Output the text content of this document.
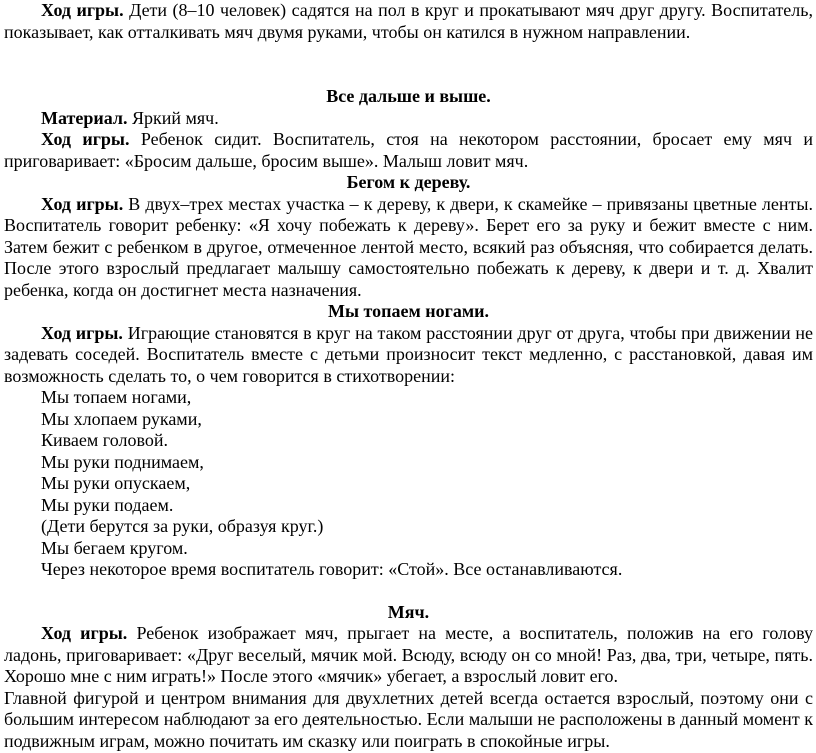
Ход игры. Дети (8–10 человек) садятся на пол в круг и прокатывают мяч друг другу. Воспитатель, показывает, как отталкивать мяч двумя руками, чтобы он катился в нужном направлении.

Все дальше и выше.

Материал. Яркий мяч.

Ход игры. Ребенок сидит. Воспитатель, стоя на некотором расстоянии, бросает ему мяч и приговаривает: «Бросим дальше, бросим выше». Малыш ловит мяч.

Бегом к дереву.

Ход игры. В двух–трех местах участка – к дереву, к двери, к скамейке – привязаны цветные ленты. Воспитатель говорит ребенку: «Я хочу побежать к дереву». Берет его за руку и бежит вместе с ним. Затем бежит с ребенком в другое, отмеченное лентой место, всякий раз объясняя, что собирается делать. После этого взрослый предлагает малышу самостоятельно побежать к дереву, к двери и т. д. Хвалит ребенка, когда он достигнет места назначения.

Мы топаем ногами.

Ход игры. Играющие становятся в круг на таком расстоянии друг от друга, чтобы при движении не задевать соседей. Воспитатель вместе с детьми произносит текст медленно, с расстановкой, давая им возможность сделать то, о чем говорится в стихотворении:

Мы топаем ногами,

Мы хлопаем руками,

Киваем головой.

Мы руки поднимаем,

Мы руки опускаем,

Мы руки подаем.

(Дети берутся за руки, образуя круг.)

Мы бегаем кругом.

Через некоторое время воспитатель говорит: «Стой». Все останавливаются.

Мяч.

Ход игры. Ребенок изображает мяч, прыгает на месте, а воспитатель, положив на его голову ладонь, приговаривает: «Друг веселый, мячик мой. Всюду, всюду он со мной! Раз, два, три, четыре, пять. Хорошо мне с ним играть!» После этого «мячик» убегает, а взрослый ловит его.

Главной фигурой и центром внимания для двухлетних детей всегда остается взрослый, поэтому они с большим интересом наблюдают за его деятельностью. Если малыши не расположены в данный момент к подвижным играм, можно почитать им сказку или поиграть в спокойные игры.
